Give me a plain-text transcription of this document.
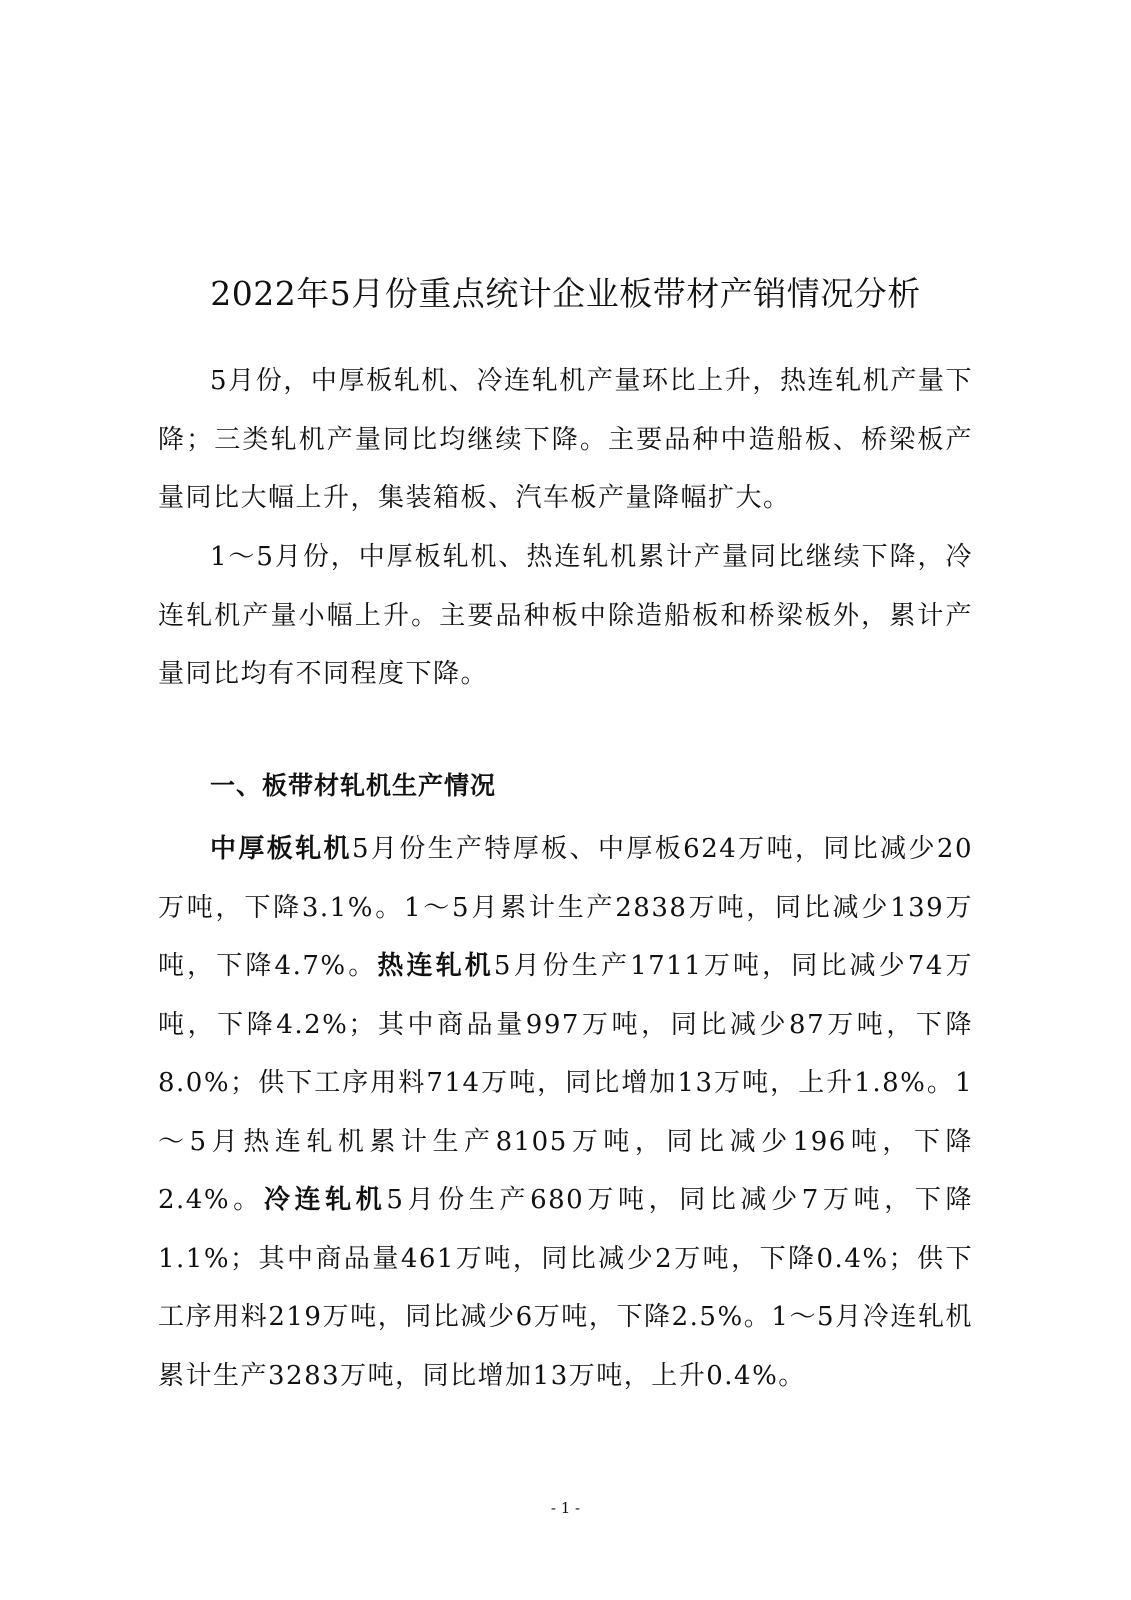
2022年5月份重点统计企业板带材产销情况分析

5月份，中厚板轧机、冷连轧机产量环比上升，热连轧机产量下降；三类轧机产量同比均继续下降。主要品种中造船板、桥梁板产量同比大幅上升，集装箱板、汽车板产量降幅扩大。

1～5月份，中厚板轧机、热连轧机累计产量同比继续下降，冷连轧机产量小幅上升。主要品种板中除造船板和桥梁板外，累计产量同比均有不同程度下降。

一、板带材轧机生产情况

中厚板轧机5月份生产特厚板、中厚板624万吨，同比减少20万吨，下降3.1%。1～5月累计生产2838万吨，同比减少139万吨，下降4.7%。热连轧机5月份生产1711万吨，同比减少74万吨，下降4.2%；其中商品量997万吨，同比减少87万吨，下降8.0%；供下工序用料714万吨，同比增加13万吨，上升1.8%。1～5月热连轧机累计生产8105万吨，同比减少196吨，下降2.4%。冷连轧机5月份生产680万吨，同比减少7万吨，下降1.1%；其中商品量461万吨，同比减少2万吨，下降0.4%；供下工序用料219万吨，同比减少6万吨，下降2.5%。1～5月冷连轧机累计生产3283万吨，同比增加13万吨，上升0.4%。

- 1 -
